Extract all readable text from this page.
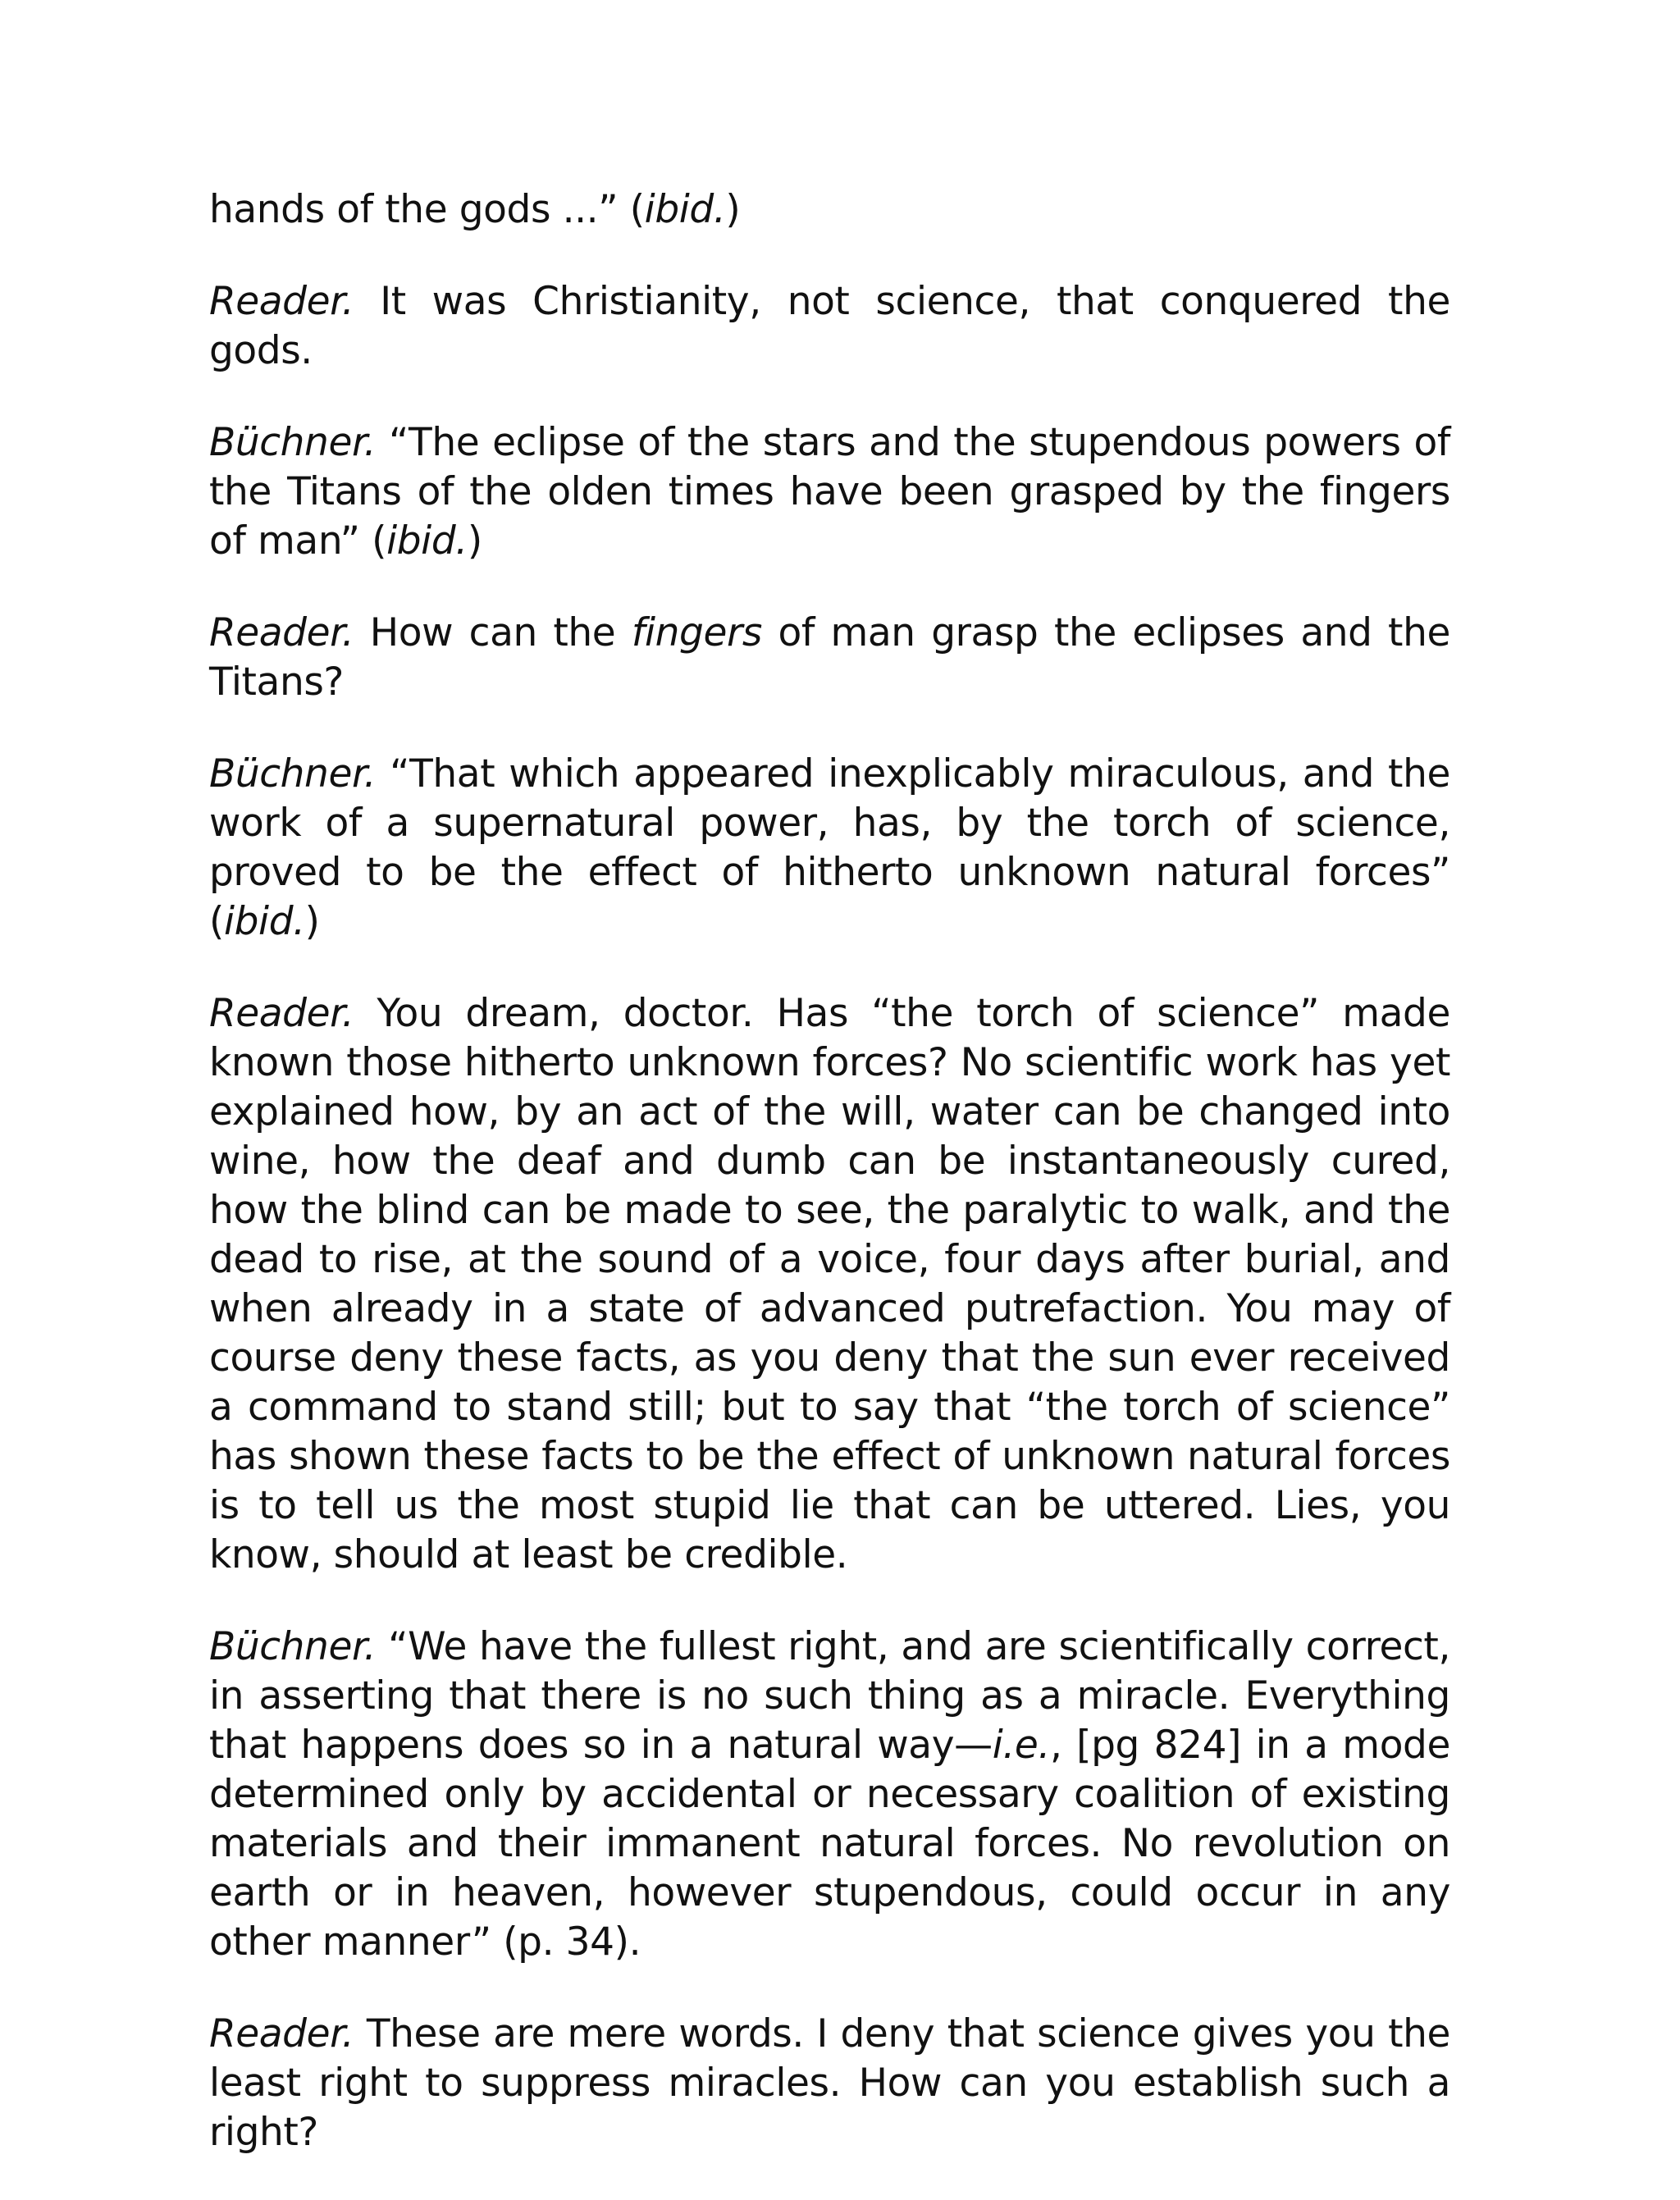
hands of the gods ...” (ibid.)

Reader. It was Christianity, not science, that conquered the gods.

Büchner. “The eclipse of the stars and the stupendous powers of the Titans of the olden times have been grasped by the fingers of man” (ibid.)

Reader. How can the fingers of man grasp the eclipses and the Titans?

Büchner. “That which appeared inexplicably miraculous, and the work of a supernatural power, has, by the torch of science, proved to be the effect of hitherto unknown natural forces” (ibid.)

Reader. You dream, doctor. Has “the torch of science” made known those hitherto unknown forces? No scientific work has yet explained how, by an act of the will, water can be changed into wine, how the deaf and dumb can be instantaneously cured, how the blind can be made to see, the paralytic to walk, and the dead to rise, at the sound of a voice, four days after burial, and when already in a state of advanced putrefaction. You may of course deny these facts, as you deny that the sun ever received a command to stand still; but to say that “the torch of science” has shown these facts to be the effect of unknown natural forces is to tell us the most stupid lie that can be uttered. Lies, you know, should at least be credible.

Büchner. “We have the fullest right, and are scientifically correct, in asserting that there is no such thing as a miracle. Everything that happens does so in a natural way—i.e., [pg 824] in a mode determined only by accidental or necessary coalition of existing materials and their immanent natural forces. No revolution on earth or in heaven, however stupendous, could occur in any other manner” (p. 34).

Reader. These are mere words. I deny that science gives you the least right to suppress miracles. How can you establish such a right?
